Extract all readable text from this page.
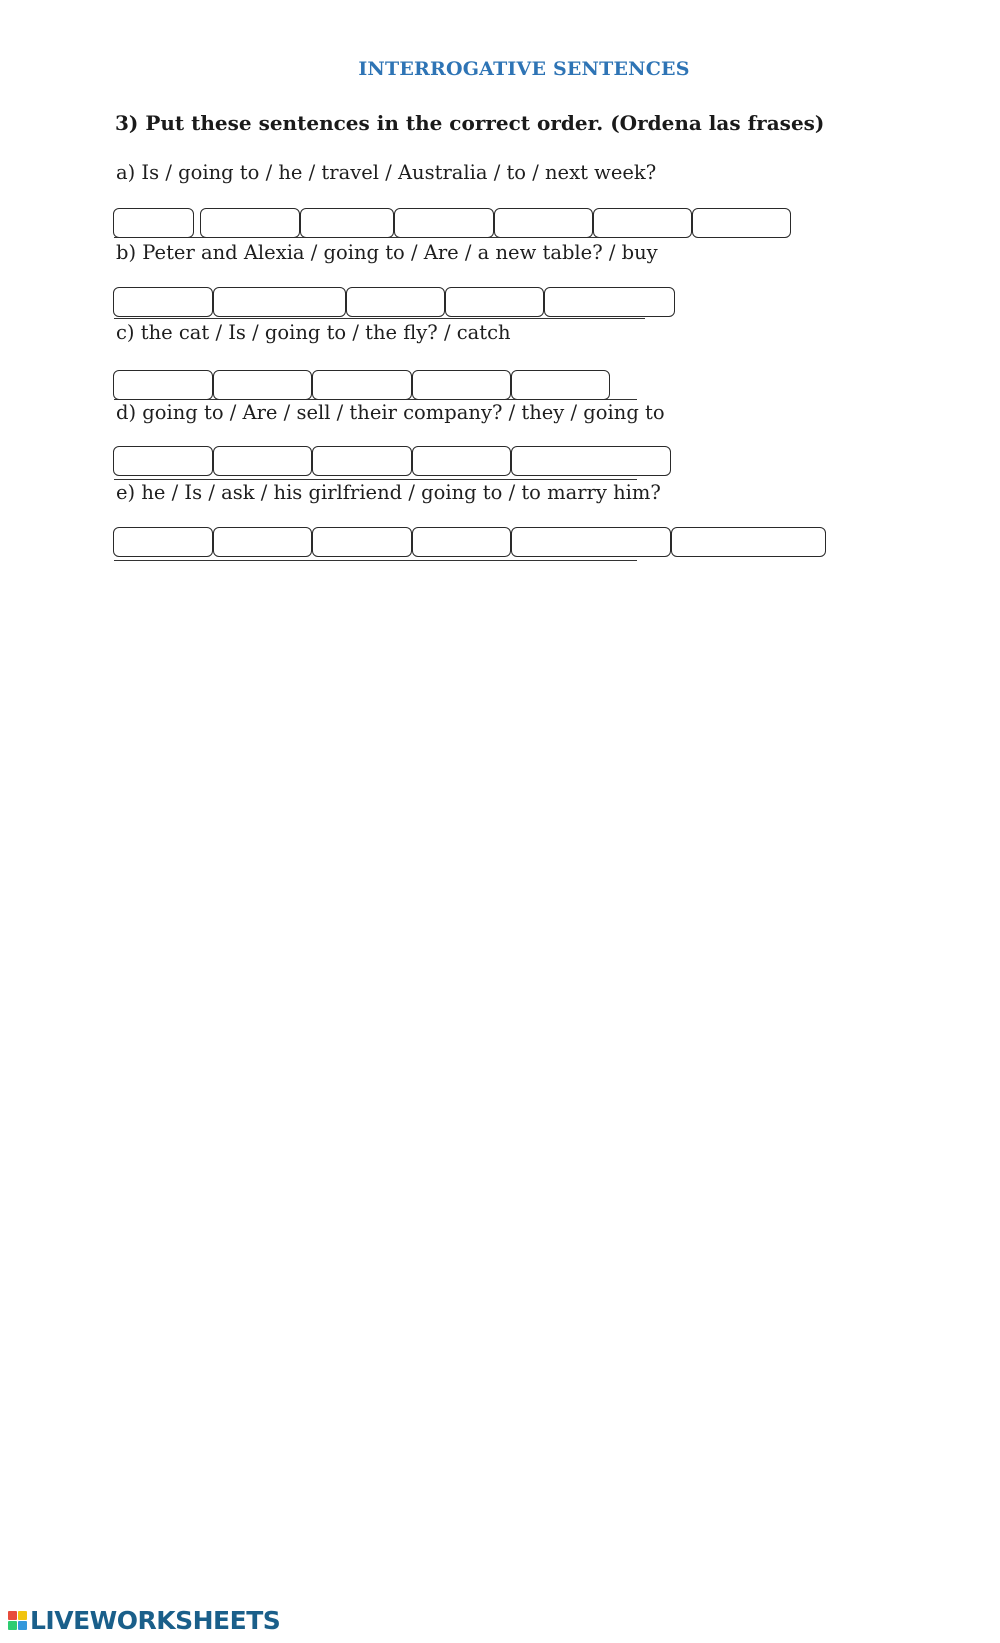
INTERROGATIVE SENTENCES
3) Put these sentences in the correct order. (Ordena las frases)
a) Is / going to / he / travel / Australia / to / next week?
b) Peter and Alexia / going to / Are / a new table? / buy
c) the cat / Is / going to / the fly? / catch
d) going to / Are / sell / their company? / they / going to
e) he / Is / ask / his girlfriend / going to / to marry him?
LIVEWORKSHEETS
